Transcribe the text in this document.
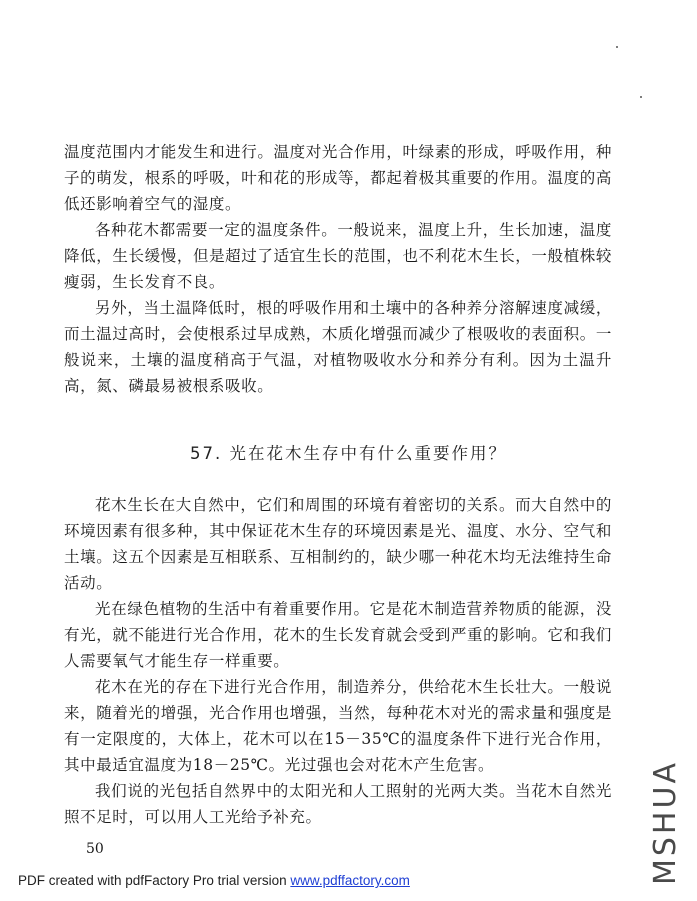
温度范围内才能发生和进行。温度对光合作用，叶绿素的形成，呼吸作用，种子的萌发，根系的呼吸，叶和花的形成等，都起着极其重要的作用。温度的高低还影响着空气的湿度。

各种花木都需要一定的温度条件。一般说来，温度上升，生长加速，温度降低，生长缓慢，但是超过了适宜生长的范围，也不利花木生长，一般植株较瘦弱，生长发育不良。

另外，当土温降低时，根的呼吸作用和土壤中的各种养分溶解速度减缓，而土温过高时，会使根系过早成熟，木质化增强而减少了根吸收的表面积。一般说来，土壤的温度稍高于气温，对植物吸收水分和养分有利。因为土温升高，氮、磷最易被根系吸收。

57. 光在花木生存中有什么重要作用？

花木生长在大自然中，它们和周围的环境有着密切的关系。而大自然中的环境因素有很多种，其中保证花木生存的环境因素是光、温度、水分、空气和土壤。这五个因素是互相联系、互相制约的，缺少哪一种花木均无法维持生命活动。

光在绿色植物的生活中有着重要作用。它是花木制造营养物质的能源，没有光，就不能进行光合作用，花木的生长发育就会受到严重的影响。它和我们人需要氧气才能生存一样重要。

花木在光的存在下进行光合作用，制造养分，供给花木生长壮大。一般说来，随着光的增强，光合作用也增强，当然，每种花木对光的需求量和强度是有一定限度的，大体上，花木可以在15－35℃的温度条件下进行光合作用，其中最适宜温度为18－25℃。光过强也会对花木产生危害。

我们说的光包括自然界中的太阳光和人工照射的光两大类。当花木自然光照不足时，可以用人工光给予补充。

50
PDF created with pdfFactory Pro trial version www.pdffactory.com	MSHUA
